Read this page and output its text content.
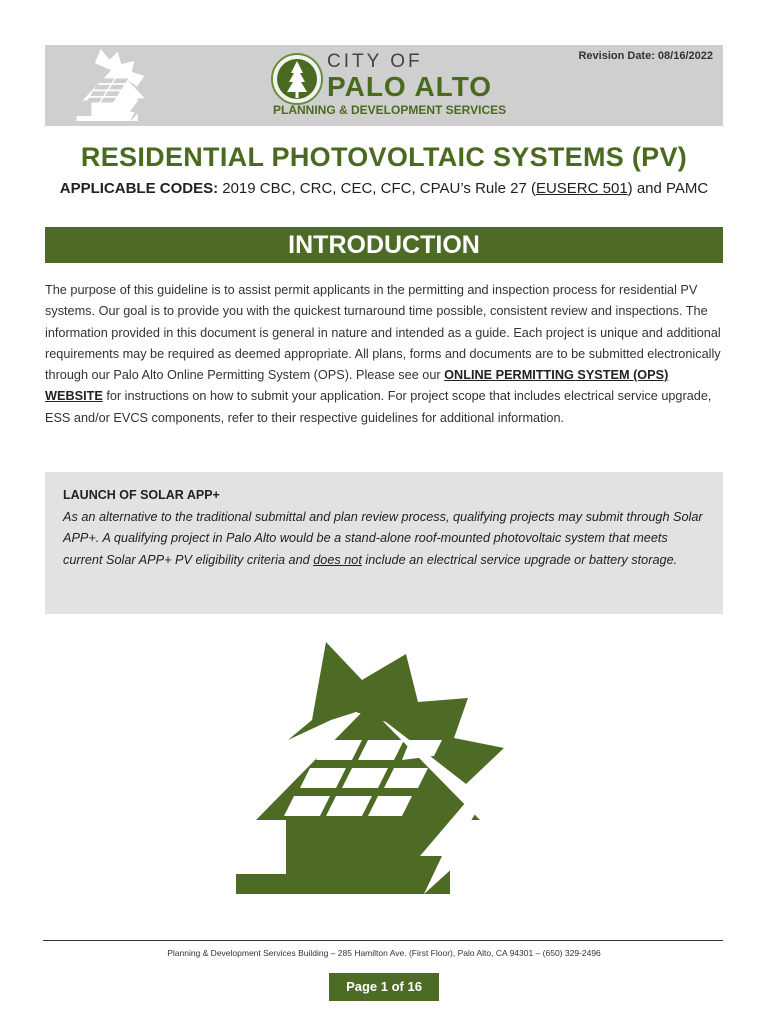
CITY OF
PALO ALTO
PLANNING & DEVELOPMENT SERVICES
Revision Date: 08/16/2022
RESIDENTIAL PHOTOVOLTAIC SYSTEMS (PV)
APPLICABLE CODES: 2019 CBC, CRC, CEC, CFC, CPAU’s Rule 27 (EUSERC 501) and PAMC
INTRODUCTION
The purpose of this guideline is to assist permit applicants in the permitting and inspection process for residential PV systems. Our goal is to provide you with the quickest turnaround time possible, consistent review and inspections. The information provided in this document is general in nature and intended as a guide. Each project is unique and additional requirements may be required as deemed appropriate. All plans, forms and documents are to be submitted electronically through our Palo Alto Online Permitting System (OPS). Please see our ONLINE PERMITTING SYSTEM (OPS) WEBSITE for instructions on how to submit your application. For project scope that includes electrical service upgrade, ESS and/or EVCS components, refer to their respective guidelines for additional information.
LAUNCH OF SOLAR APP+
As an alternative to the traditional submittal and plan review process, qualifying projects may submit through Solar APP+. A qualifying project in Palo Alto would be a stand-alone roof-mounted photovoltaic system that meets current Solar APP+ PV eligibility criteria and does not include an electrical service upgrade or battery storage.
Planning & Development Services Building – 285 Hamilton Ave. (First Floor), Palo Alto, CA 94301 – (650) 329-2496
Page 1 of 16
